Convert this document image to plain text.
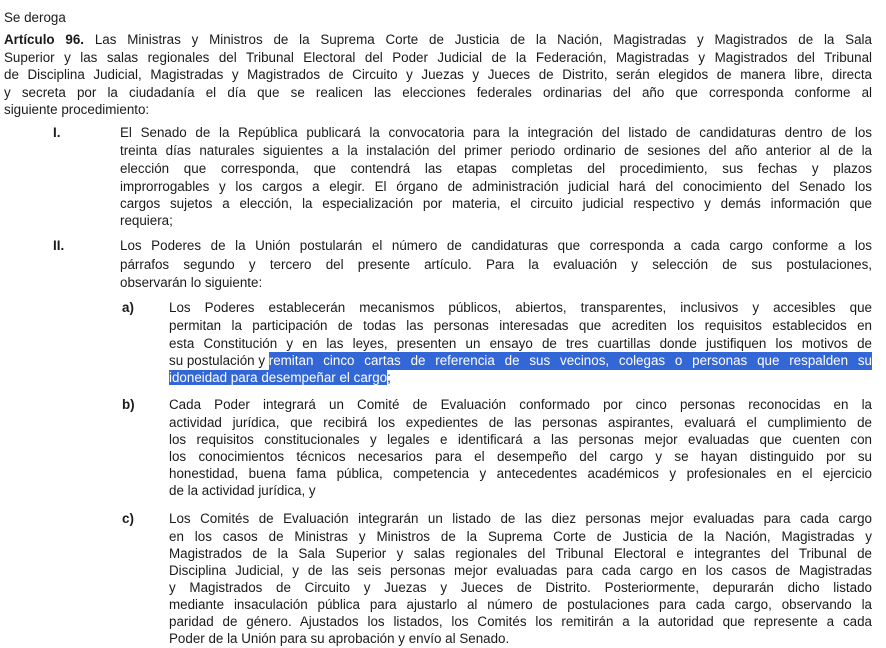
Se deroga
Artículo 96. Las Ministras y Ministros de la Suprema Corte de Justicia de la Nación, Magistradas y Magistrados de la Sala
Superior y las salas regionales del Tribunal Electoral del Poder Judicial de la Federación, Magistradas y Magistrados del Tribunal
de Disciplina Judicial, Magistradas y Magistrados de Circuito y Juezas y Jueces de Distrito, serán elegidos de manera libre, directa
y secreta por la ciudadanía el día que se realicen las elecciones federales ordinarias del año que corresponda conforme al
siguiente procedimiento:
I.	El Senado de la República publicará la convocatoria para la integración del listado de candidaturas dentro de los
treinta días naturales siguientes a la instalación del primer periodo ordinario de sesiones del año anterior al de la
elección que corresponda, que contendrá las etapas completas del procedimiento, sus fechas y plazos
improrrogables y los cargos a elegir. El órgano de administración judicial hará del conocimiento del Senado los
cargos sujetos a elección, la especialización por materia, el circuito judicial respectivo y demás información que
requiera;
II.	Los Poderes de la Unión postularán el número de candidaturas que corresponda a cada cargo conforme a los
párrafos segundo y tercero del presente artículo. Para la evaluación y selección de sus postulaciones,
observarán lo siguiente:
a)	Los Poderes establecerán mecanismos públicos, abiertos, transparentes, inclusivos y accesibles que
permitan la participación de todas las personas interesadas que acrediten los requisitos establecidos en
esta Constitución y en las leyes, presenten un ensayo de tres cuartillas donde justifiquen los motivos de
su postulación y remitan cinco cartas de referencia de sus vecinos, colegas o personas que respalden su
idoneidad para desempeñar el cargo;
b)	Cada Poder integrará un Comité de Evaluación conformado por cinco personas reconocidas en la
actividad jurídica, que recibirá los expedientes de las personas aspirantes, evaluará el cumplimiento de
los requisitos constitucionales y legales e identificará a las personas mejor evaluadas que cuenten con
los conocimientos técnicos necesarios para el desempeño del cargo y se hayan distinguido por su
honestidad, buena fama pública, competencia y antecedentes académicos y profesionales en el ejercicio
de la actividad jurídica, y
c)	Los Comités de Evaluación integrarán un listado de las diez personas mejor evaluadas para cada cargo
en los casos de Ministras y Ministros de la Suprema Corte de Justicia de la Nación, Magistradas y
Magistrados de la Sala Superior y salas regionales del Tribunal Electoral e integrantes del Tribunal de
Disciplina Judicial, y de las seis personas mejor evaluadas para cada cargo en los casos de Magistradas
y Magistrados de Circuito y Juezas y Jueces de Distrito. Posteriormente, depurarán dicho listado
mediante insaculación pública para ajustarlo al número de postulaciones para cada cargo, observando la
paridad de género. Ajustados los listados, los Comités los remitirán a la autoridad que represente a cada
Poder de la Unión para su aprobación y envío al Senado.
